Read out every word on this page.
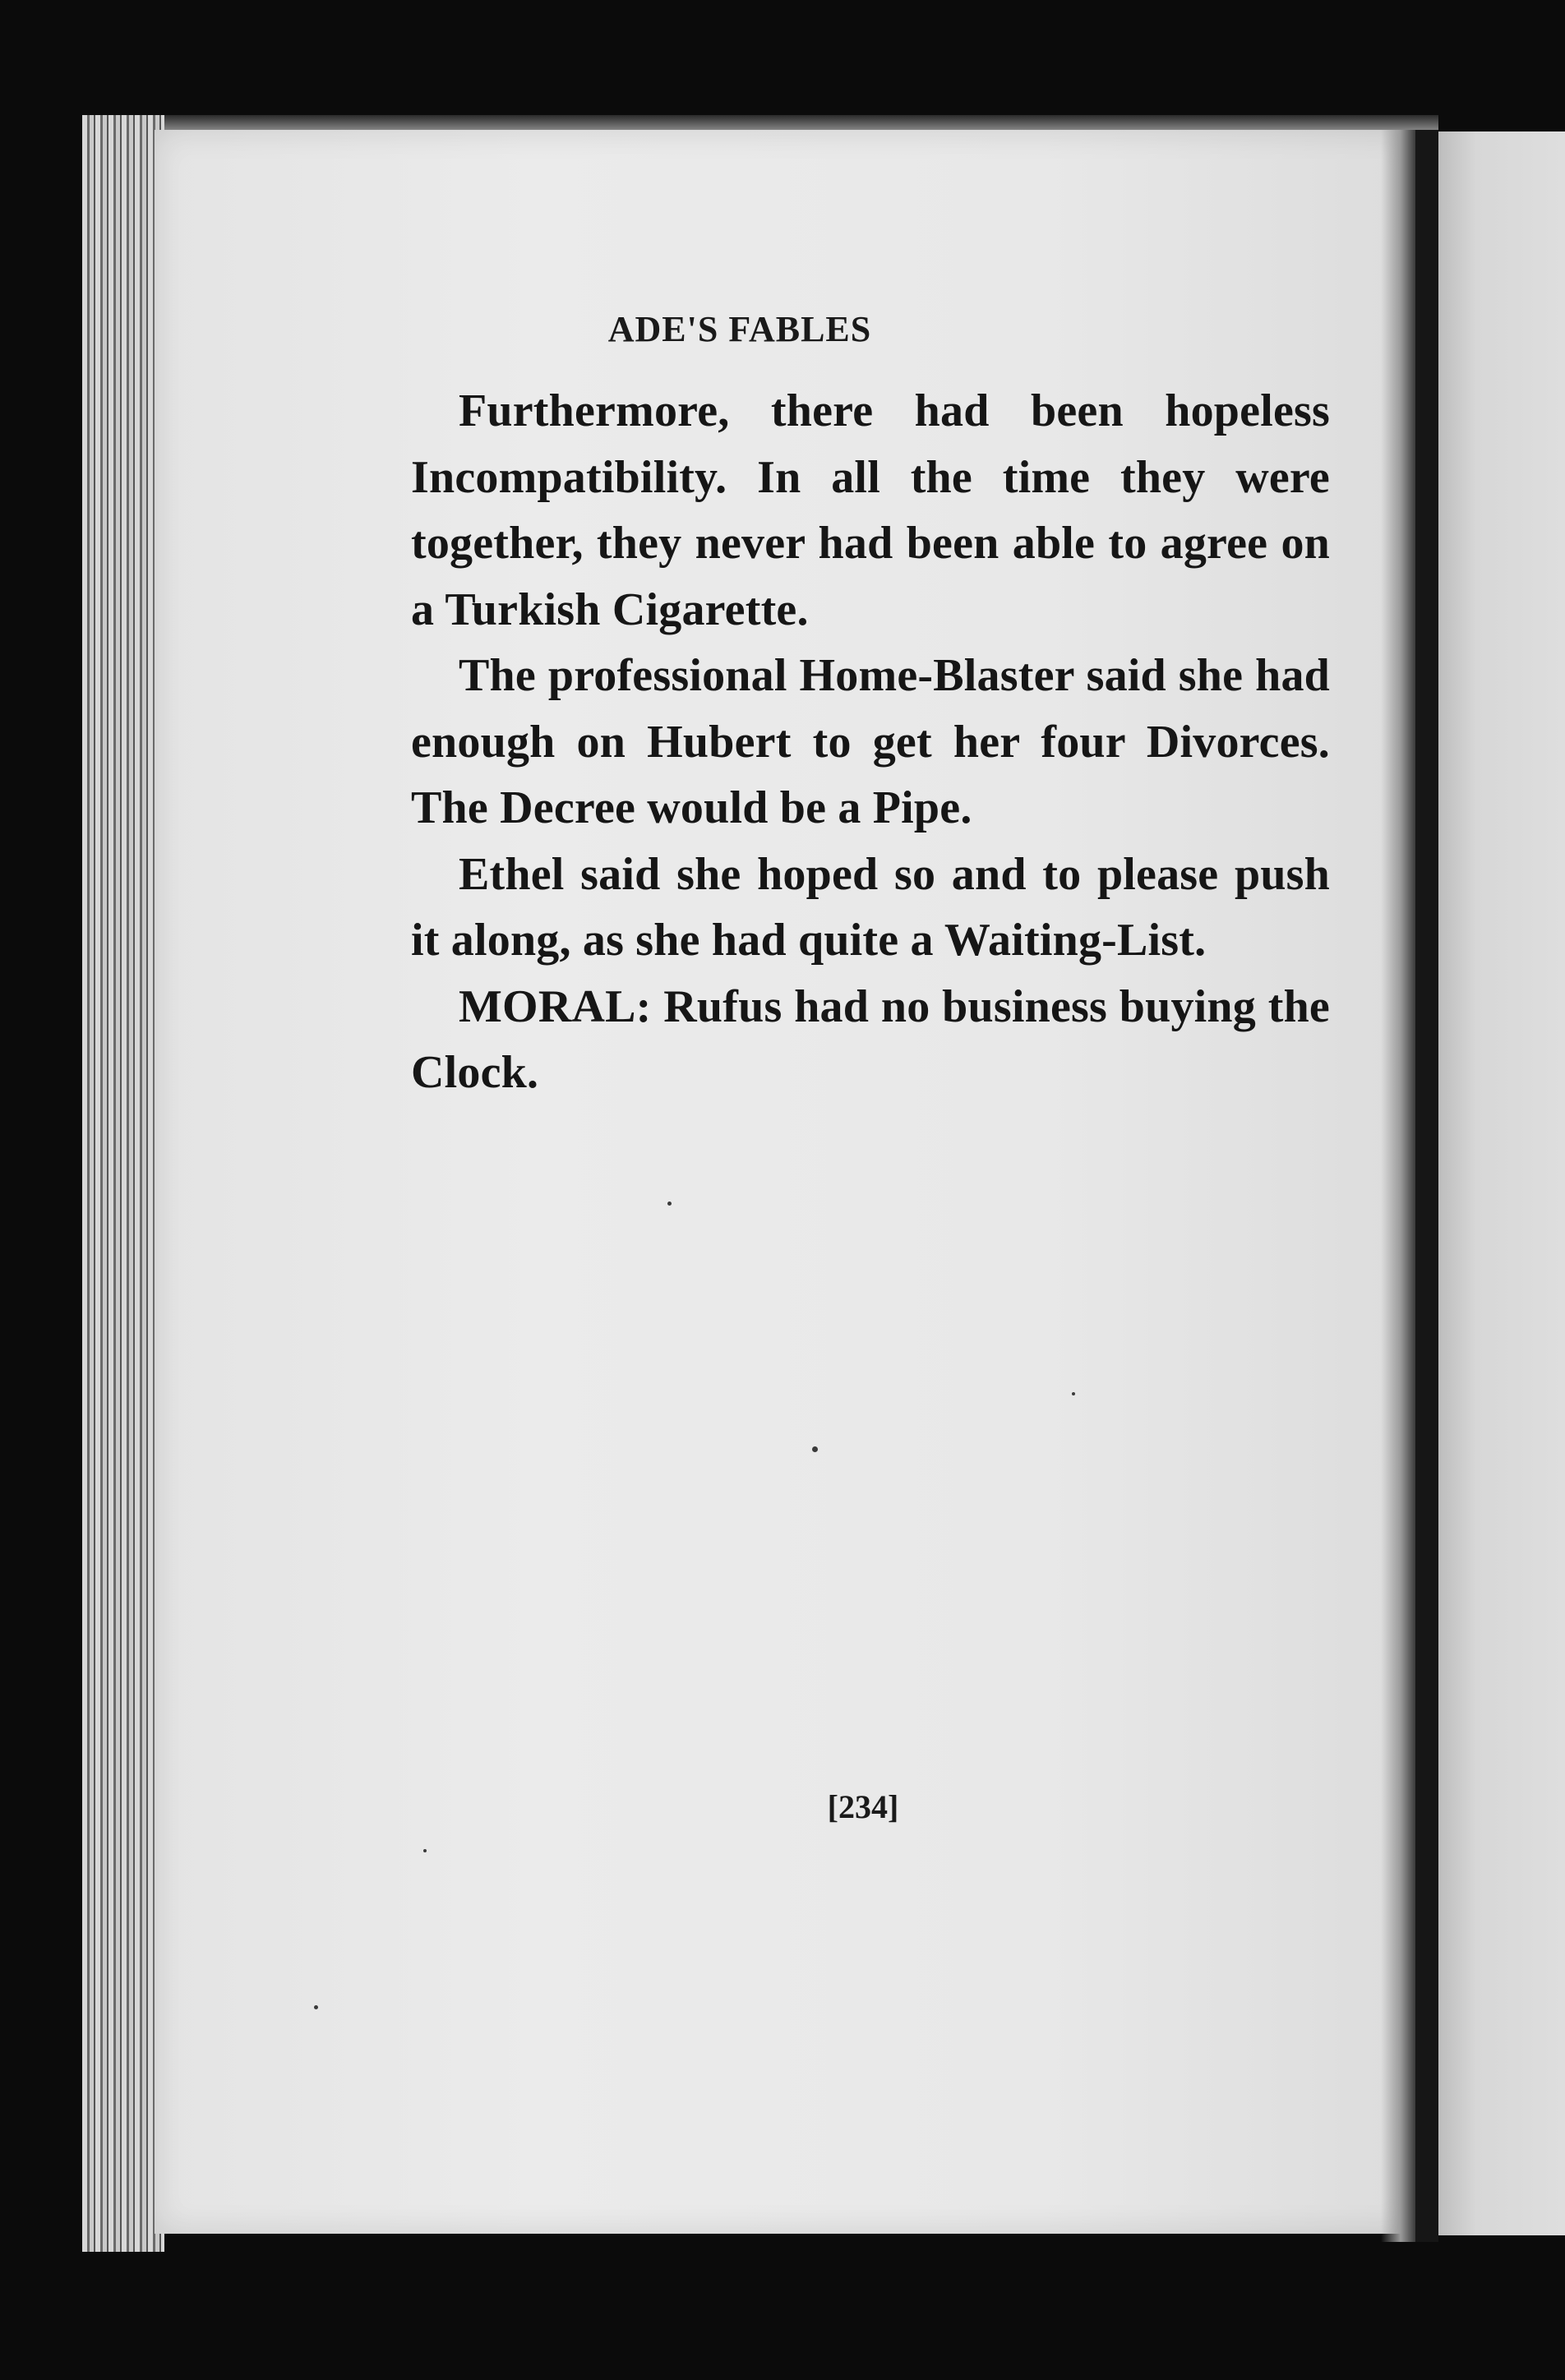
ADE'S FABLES

Furthermore, there had been hopeless Incompatibility. In all the time they were together, they never had been able to agree on a Turkish Cigarette.

The professional Home-Blaster said she had enough on Hubert to get her four Divorces. The Decree would be a Pipe.

Ethel said she hoped so and to please push it along, as she had quite a Waiting-List.

MORAL: Rufus had no business buying the Clock.

[234]
